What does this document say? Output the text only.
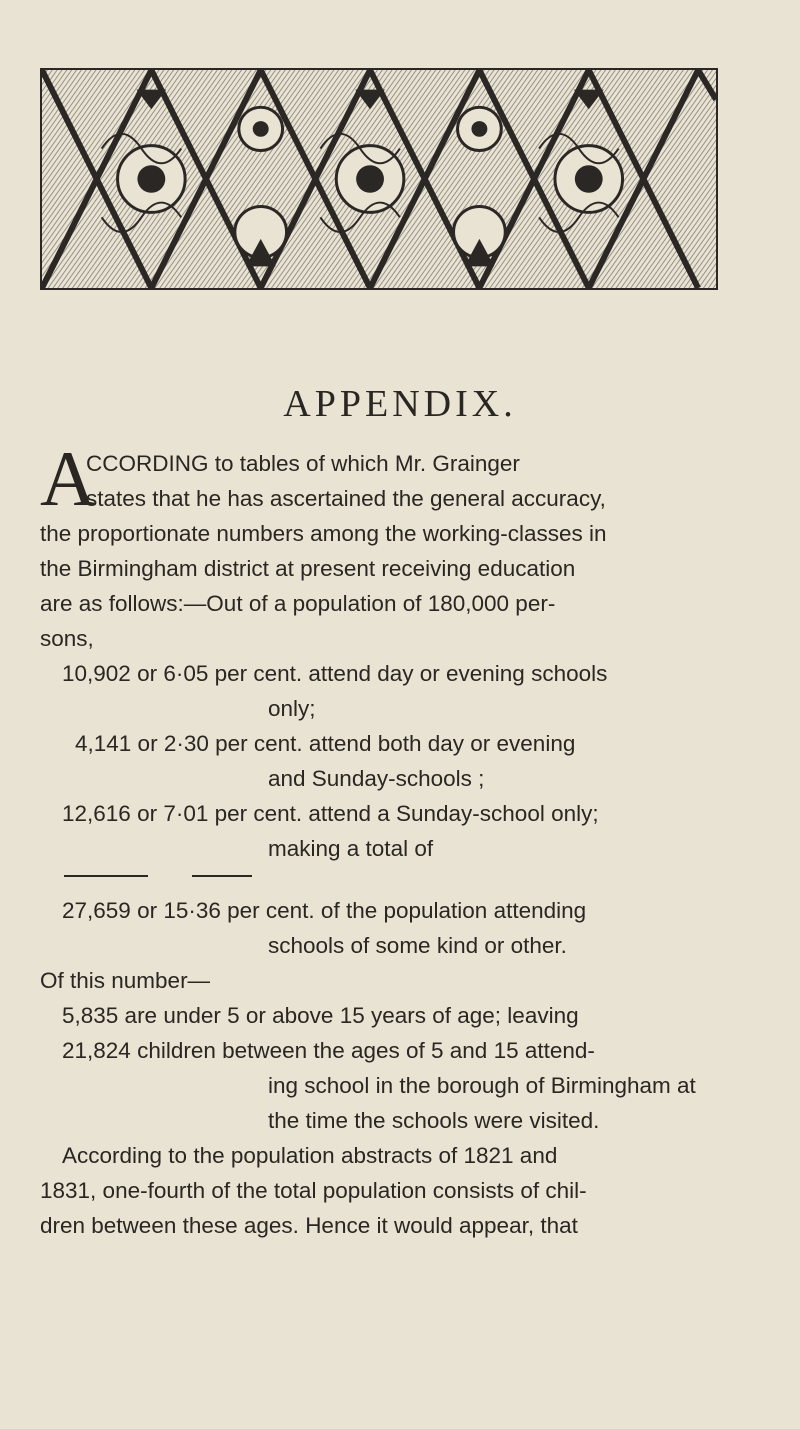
APPENDIX.
A
CCORDING to tables of which Mr. Grainger
states that he has ascertained the general accuracy,
the proportionate numbers among the working-classes in
the Birmingham district at present receiving education
are as follows:—Out of a population of 180,000 per-
sons,
10,902 or 6·05 per cent. attend day or evening schools
only;
4,141 or 2·30 per cent. attend both day or evening
and Sunday-schools ;
12,616 or 7·01 per cent. attend a Sunday-school only;
making a total of
27,659 or 15·36 per cent. of the population attending
schools of some kind or other.
Of this number—
5,835 are under 5 or above 15 years of age; leaving
21,824 children between the ages of 5 and 15 attend-
ing school in the borough of Birmingham at
the time the schools were visited.
According to the population abstracts of 1821 and
1831, one-fourth of the total population consists of chil-
dren between these ages. Hence it would appear, that
